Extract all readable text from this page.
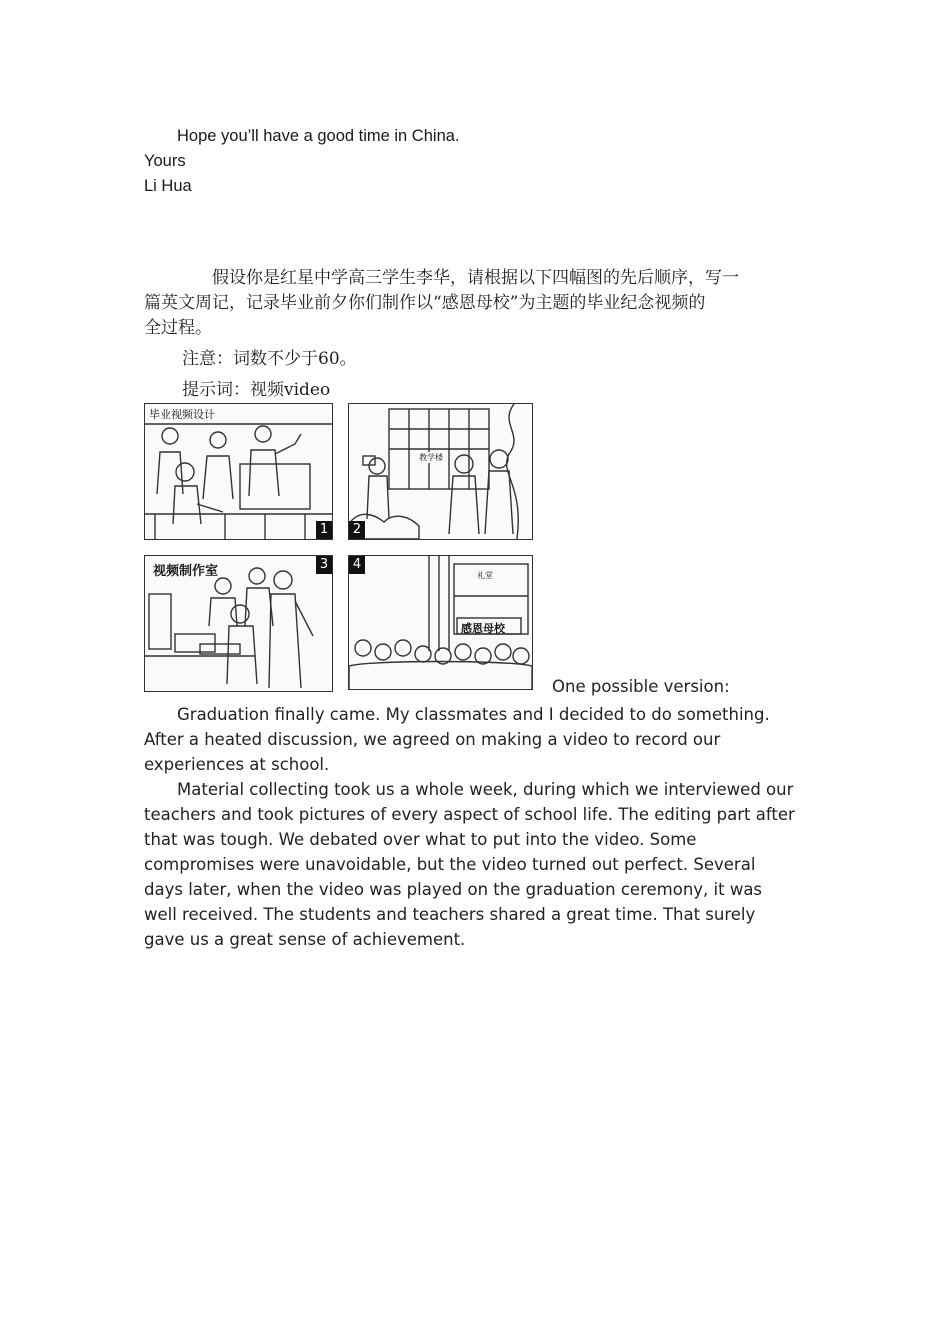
Hope you’ll have a good time in China.

Yours

Li Hua

假设你是红星中学高三学生李华，请根据以下四幅图的先后顺序，写一

篇英文周记，记录毕业前夕你们制作以“感恩母校”为主题的毕业纪念视频的

全过程。

注意：词数不少于60。

提示词：视频video

毕业视频设计
1
教学楼
2
视频制作室	3
礼堂
感恩母校
4

One possible version:

Graduation finally came. My classmates and I decided to do something.

After a heated discussion, we agreed on making a video to record our

experiences at school.

Material collecting took us a whole week, during which we interviewed our

teachers and took pictures of every aspect of school life. The editing part after

that was tough. We debated over what to put into the video. Some

compromises were unavoidable, but the video turned out perfect. Several

days later, when the video was played on the graduation ceremony, it was

well received. The students and teachers shared a great time. That surely

gave us a great sense of achievement.
